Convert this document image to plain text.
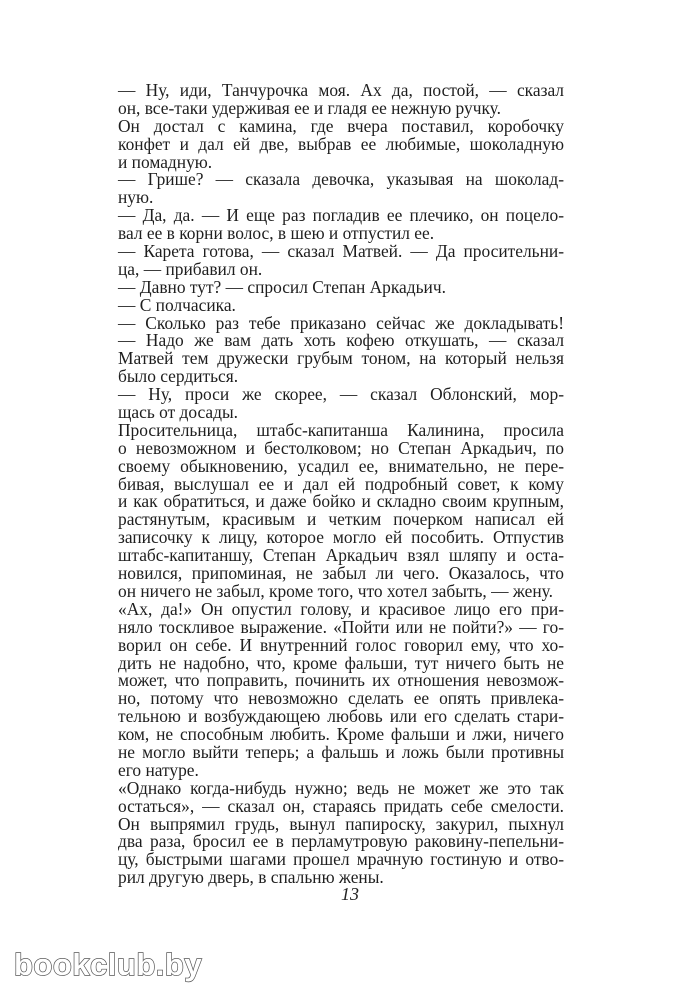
— Ну, иди, Танчурочка моя. Ах да, постой, — сказал
он, все-таки удерживая ее и гладя ее нежную ручку.
Он достал с камина, где вчера поставил, коробочку
конфет и дал ей две, выбрав ее любимые, шоколадную
и помадную.
— Грише? — сказала девочка, указывая на шоколад-
ную.
— Да, да. — И еще раз погладив ее плечико, он поцело-
вал ее в корни волос, в шею и отпустил ее.
— Карета готова, — сказал Матвей. — Да просительни-
ца, — прибавил он.
— Давно тут? — спросил Степан Аркадьич.
— С полчасика.
— Сколько раз тебе приказано сейчас же докладывать!
— Надо же вам дать хоть кофею откушать, — сказал
Матвей тем дружески грубым тоном, на который нельзя
было сердиться.
— Ну, проси же скорее, — сказал Облонский, мор-
щась от досады.
Просительница, штабс-капитанша Калинина, просила
о невозможном и бестолковом; но Степан Аркадьич, по
своему обыкновению, усадил ее, внимательно, не пере-
бивая, выслушал ее и дал ей подробный совет, к кому
и как обратиться, и даже бойко и складно своим крупным,
растянутым, красивым и четким почерком написал ей
записочку к лицу, которое могло ей пособить. Отпустив
штабс-капитаншу, Степан Аркадьич взял шляпу и оста-
новился, припоминая, не забыл ли чего. Оказалось, что
он ничего не забыл, кроме того, что хотел забыть, — жену.
«Ах, да!» Он опустил голову, и красивое лицо его при-
няло тоскливое выражение. «Пойти или не пойти?» — го-
ворил он себе. И внутренний голос говорил ему, что хо-
дить не надобно, что, кроме фальши, тут ничего быть не
может, что поправить, починить их отношения невозмож-
но, потому что невозможно сделать ее опять привлека-
тельною и возбуждающею любовь или его сделать стари-
ком, не способным любить. Кроме фальши и лжи, ничего
не могло выйти теперь; а фальшь и ложь были противны
его натуре.
«Однако когда-нибудь нужно; ведь не может же это так
остаться», — сказал он, стараясь придать себе смелости.
Он выпрямил грудь, вынул папироску, закурил, пыхнул
два раза, бросил ее в перламутровую раковину-пепельни-
цу, быстрыми шагами прошел мрачную гостиную и отво-
рил другую дверь, в спальню жены.
13
bookclub.by
